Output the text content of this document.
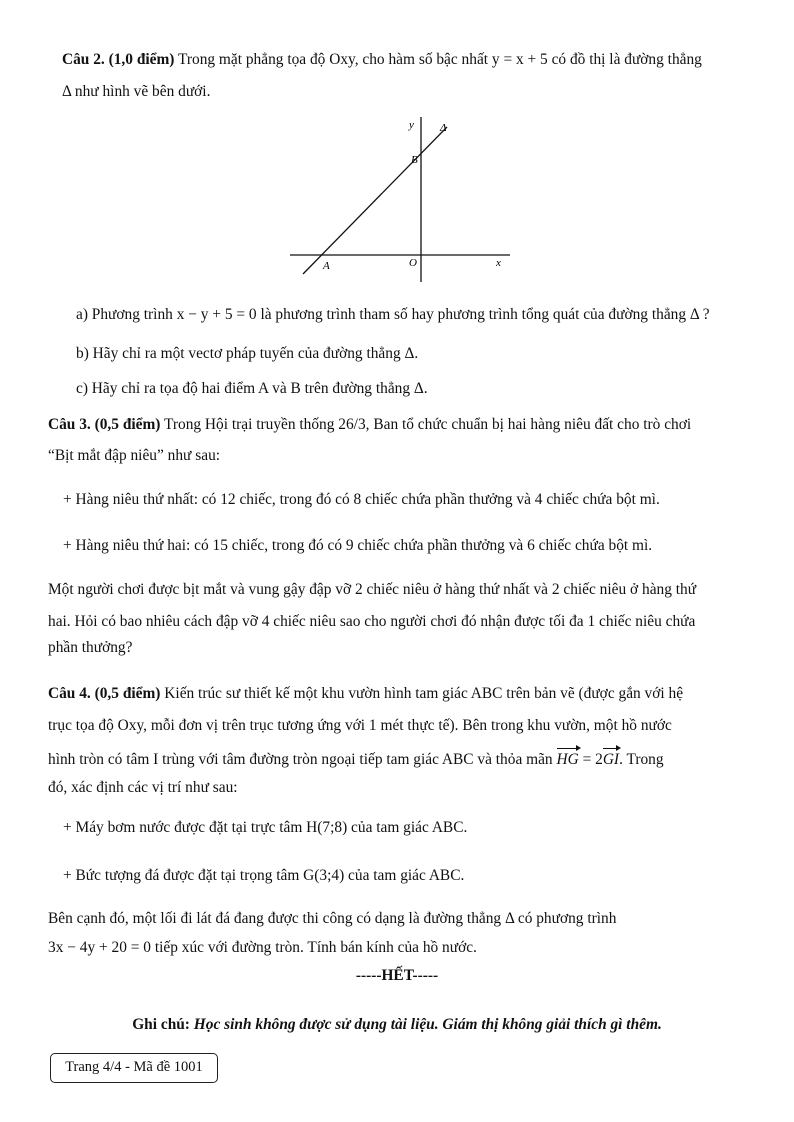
Câu 2. (1,0 điểm) Trong mặt phẳng tọa độ Oxy, cho hàm số bậc nhất y = x + 5 có đồ thị là đường thẳng
Δ như hình vẽ bên dưới.
y
x
O
A
B
Δ
a) Phương trình x − y + 5 = 0 là phương trình tham số hay phương trình tổng quát của đường thẳng Δ ?
b) Hãy chỉ ra một vectơ pháp tuyến của đường thẳng Δ.
c) Hãy chỉ ra tọa độ hai điểm A và B trên đường thẳng Δ.
Câu 3. (0,5 điểm) Trong Hội trại truyền thống 26/3, Ban tổ chức chuẩn bị hai hàng niêu đất cho trò chơi
“Bịt mắt đập niêu” như sau:
+ Hàng niêu thứ nhất: có 12 chiếc, trong đó có 8 chiếc chứa phần thưởng và 4 chiếc chứa bột mì.
+ Hàng niêu thứ hai: có 15 chiếc, trong đó có 9 chiếc chứa phần thưởng và 6 chiếc chứa bột mì.
Một người chơi được bịt mắt và vung gậy đập vỡ 2 chiếc niêu ở hàng thứ nhất và 2 chiếc niêu ở hàng thứ
hai. Hỏi có bao nhiêu cách đập vỡ 4 chiếc niêu sao cho người chơi đó nhận được tối đa 1 chiếc niêu chứa
phần thưởng?
Câu 4. (0,5 điểm) Kiến trúc sư thiết kế một khu vườn hình tam giác ABC trên bản vẽ (được gắn với hệ
trục tọa độ Oxy, mỗi đơn vị trên trục tương ứng với 1 mét thực tế). Bên trong khu vườn, một hồ nước
hình tròn có tâm I trùng với tâm đường tròn ngoại tiếp tam giác ABC và thỏa mãn HG = 2GI. Trong
đó, xác định các vị trí như sau:
+ Máy bơm nước được đặt tại trực tâm H(7;8) của tam giác ABC.
+ Bức tượng đá được đặt tại trọng tâm G(3;4) của tam giác ABC.
Bên cạnh đó, một lối đi lát đá đang được thi công có dạng là đường thẳng Δ có phương trình
3x − 4y + 20 = 0 tiếp xúc với đường tròn. Tính bán kính của hồ nước.
-----HẾT-----
Ghi chú: Học sinh không được sử dụng tài liệu. Giám thị không giải thích gì thêm.
Trang 4/4 - Mã đề 1001
